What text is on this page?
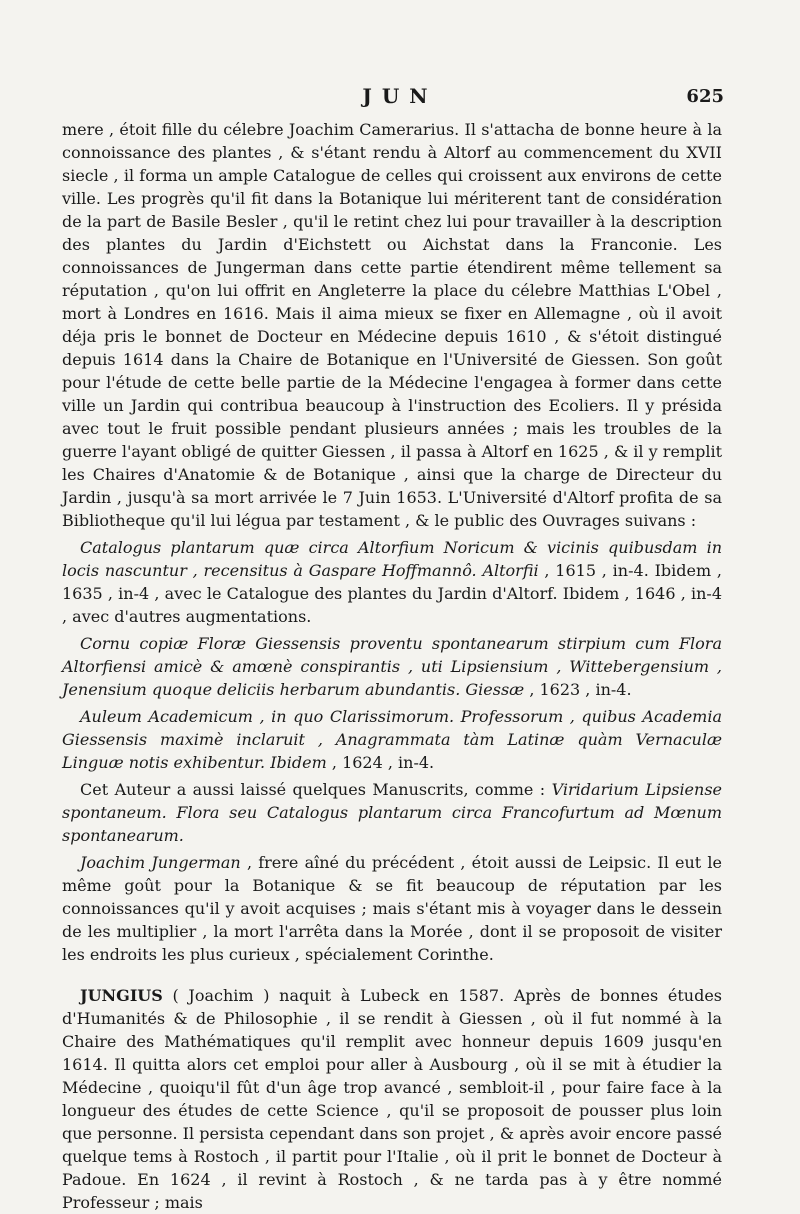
JUN	625

mere , étoit fille du célebre Joachim Camerarius. Il s'attacha de bonne heure à la connoissance des plantes , & s'étant rendu à Altorf au commencement du XVII siecle , il forma un ample Catalogue de celles qui croissent aux environs de cette ville. Les progrès qu'il fit dans la Botanique lui mériterent tant de considération de la part de Basile Besler , qu'il le retint chez lui pour travailler à la description des plantes du Jardin d'Eichstett ou Aichstat dans la Franconie. Les connoissances de Jungerman dans cette partie étendirent même tellement sa réputation , qu'on lui offrit en Angleterre la place du célebre Matthias L'Obel , mort à Londres en 1616. Mais il aima mieux se fixer en Allemagne , où il avoit déja pris le bonnet de Docteur en Médecine depuis 1610 , & s'étoit distingué depuis 1614 dans la Chaire de Botanique en l'Université de Giessen. Son goût pour l'étude de cette belle partie de la Médecine l'engagea à former dans cette ville un Jardin qui contribua beaucoup à l'instruction des Ecoliers. Il y présida avec tout le fruit possible pendant plusieurs années ; mais les troubles de la guerre l'ayant obligé de quitter Giessen , il passa à Altorf en 1625 , & il y remplit les Chaires d'Anatomie & de Botanique , ainsi que la charge de Directeur du Jardin , jusqu'à sa mort arrivée le 7 Juin 1653. L'Université d'Altorf profita de sa Bibliotheque qu'il lui légua par testament , & le public des Ouvrages suivans :

Catalogus plantarum quæ circa Altorfium Noricum & vicinis quibusdam in locis nascuntur , recensitus à Gaspare Hoffmannô. Altorfii , 1615 , in-4. Ibidem , 1635 , in-4 , avec le Catalogue des plantes du Jardin d'Altorf. Ibidem , 1646 , in-4 , avec d'autres augmentations.

Cornu copiæ Floræ Giessensis proventu spontanearum stirpium cum Flora Altorfiensi amicè & amœnè conspirantis , uti Lipsiensium , Wittebergensium , Jenensium quoque deliciis herbarum abundantis. Giessæ , 1623 , in-4.

Auleum Academicum , in quo Clarissimorum. Professorum , quibus Academia Giessensis maximè inclaruit , Anagrammata tàm Latinæ quàm Vernaculæ Linguæ notis exhibentur. Ibidem , 1624 , in-4.

Cet Auteur a aussi laissé quelques Manuscrits, comme : Viridarium Lipsiense spontaneum. Flora seu Catalogus plantarum circa Francofurtum ad Mœnum spontanearum.

Joachim Jungerman , frere aîné du précédent , étoit aussi de Leipsic. Il eut le même goût pour la Botanique & se fit beaucoup de réputation par les connoissances qu'il y avoit acquises ; mais s'étant mis à voyager dans le dessein de les multiplier , la mort l'arrêta dans la Morée , dont il se proposoit de visiter les endroits les plus curieux , spécialement Corinthe.

JUNGIUS ( Joachim ) naquit à Lubeck en 1587. Après de bonnes études d'Humanités & de Philosophie , il se rendit à Giessen , où il fut nommé à la Chaire des Mathématiques qu'il remplit avec honneur depuis 1609 jusqu'en 1614. Il quitta alors cet emploi pour aller à Ausbourg , où il se mit à étudier la Médecine , quoiqu'il fût d'un âge trop avancé , sembloit-il , pour faire face à la longueur des études de cette Science , qu'il se proposoit de pousser plus loin que personne. Il persista cependant dans son projet , & après avoir encore passé quelque tems à Rostoch , il partit pour l'Italie , où il prit le bonnet de Docteur à Padoue. En 1624 , il revint à Rostoch , & ne tarda pas à y être nommé Professeur ; mais
